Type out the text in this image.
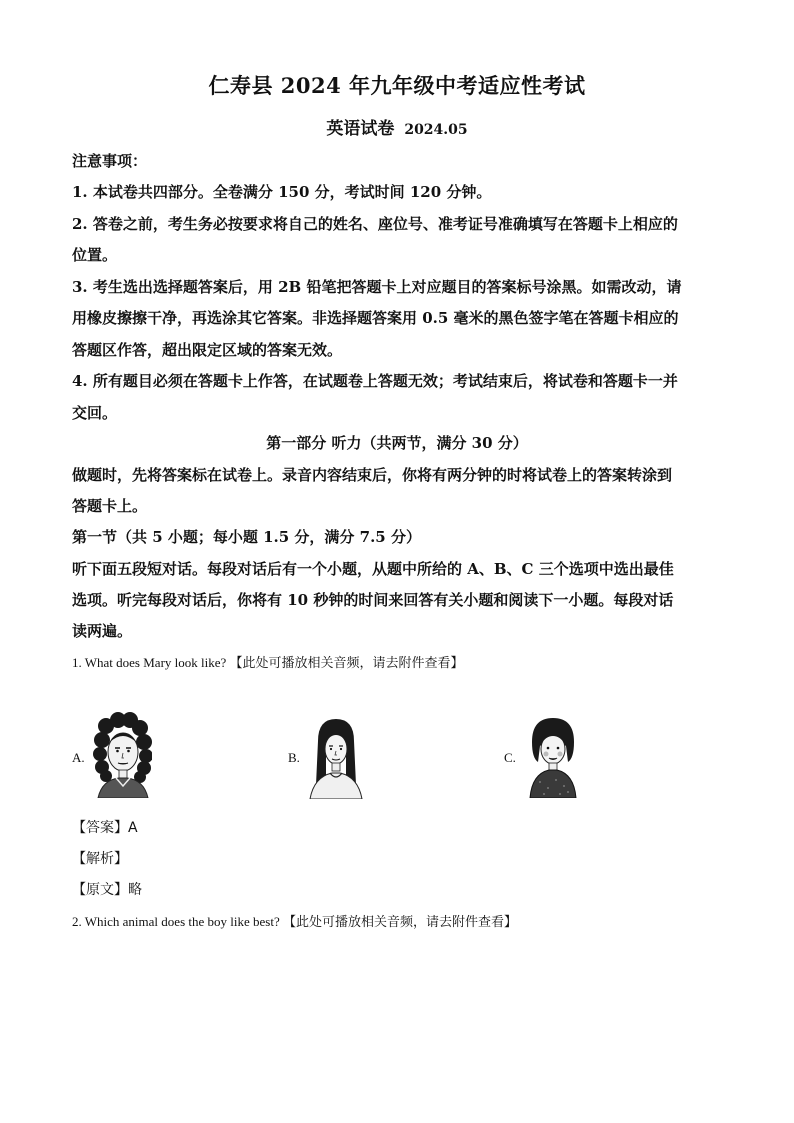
仁寿县 2024 年九年级中考适应性考试
英语试卷 2024.05
注意事项：
1. 本试卷共四部分。全卷满分 150 分，考试时间 120 分钟。
2. 答卷之前，考生务必按要求将自己的姓名、座位号、准考证号准确填写在答题卡上相应的
位置。
3. 考生选出选择题答案后，用 2B 铅笔把答题卡上对应题目的答案标号涂黑。如需改动，请
用橡皮擦擦干净，再选涂其它答案。非选择题答案用 0.5 毫米的黑色签字笔在答题卡相应的
答题区作答，超出限定区域的答案无效。
4. 所有题目必须在答题卡上作答，在试题卷上答题无效；考试结束后，将试卷和答题卡一并
交回。
第一部分 听力（共两节，满分 30 分）
做题时，先将答案标在试卷上。录音内容结束后，你将有两分钟的时将试卷上的答案转涂到
答题卡上。
第一节（共 5 小题；每小题 1.5 分，满分 7.5 分）
听下面五段短对话。每段对话后有一个小题，从题中所给的 A、B、C 三个选项中选出最佳
选项。听完每段对话后，你将有 10 秒钟的时间来回答有关小题和阅读下一小题。每段对话
读两遍。
1. What does Mary look like? 【此处可播放相关音频，请去附件查看】
A.	B.	C.
【答案】A
【解析】
【原文】略
2. Which animal does the boy like best? 【此处可播放相关音频，请去附件查看】
